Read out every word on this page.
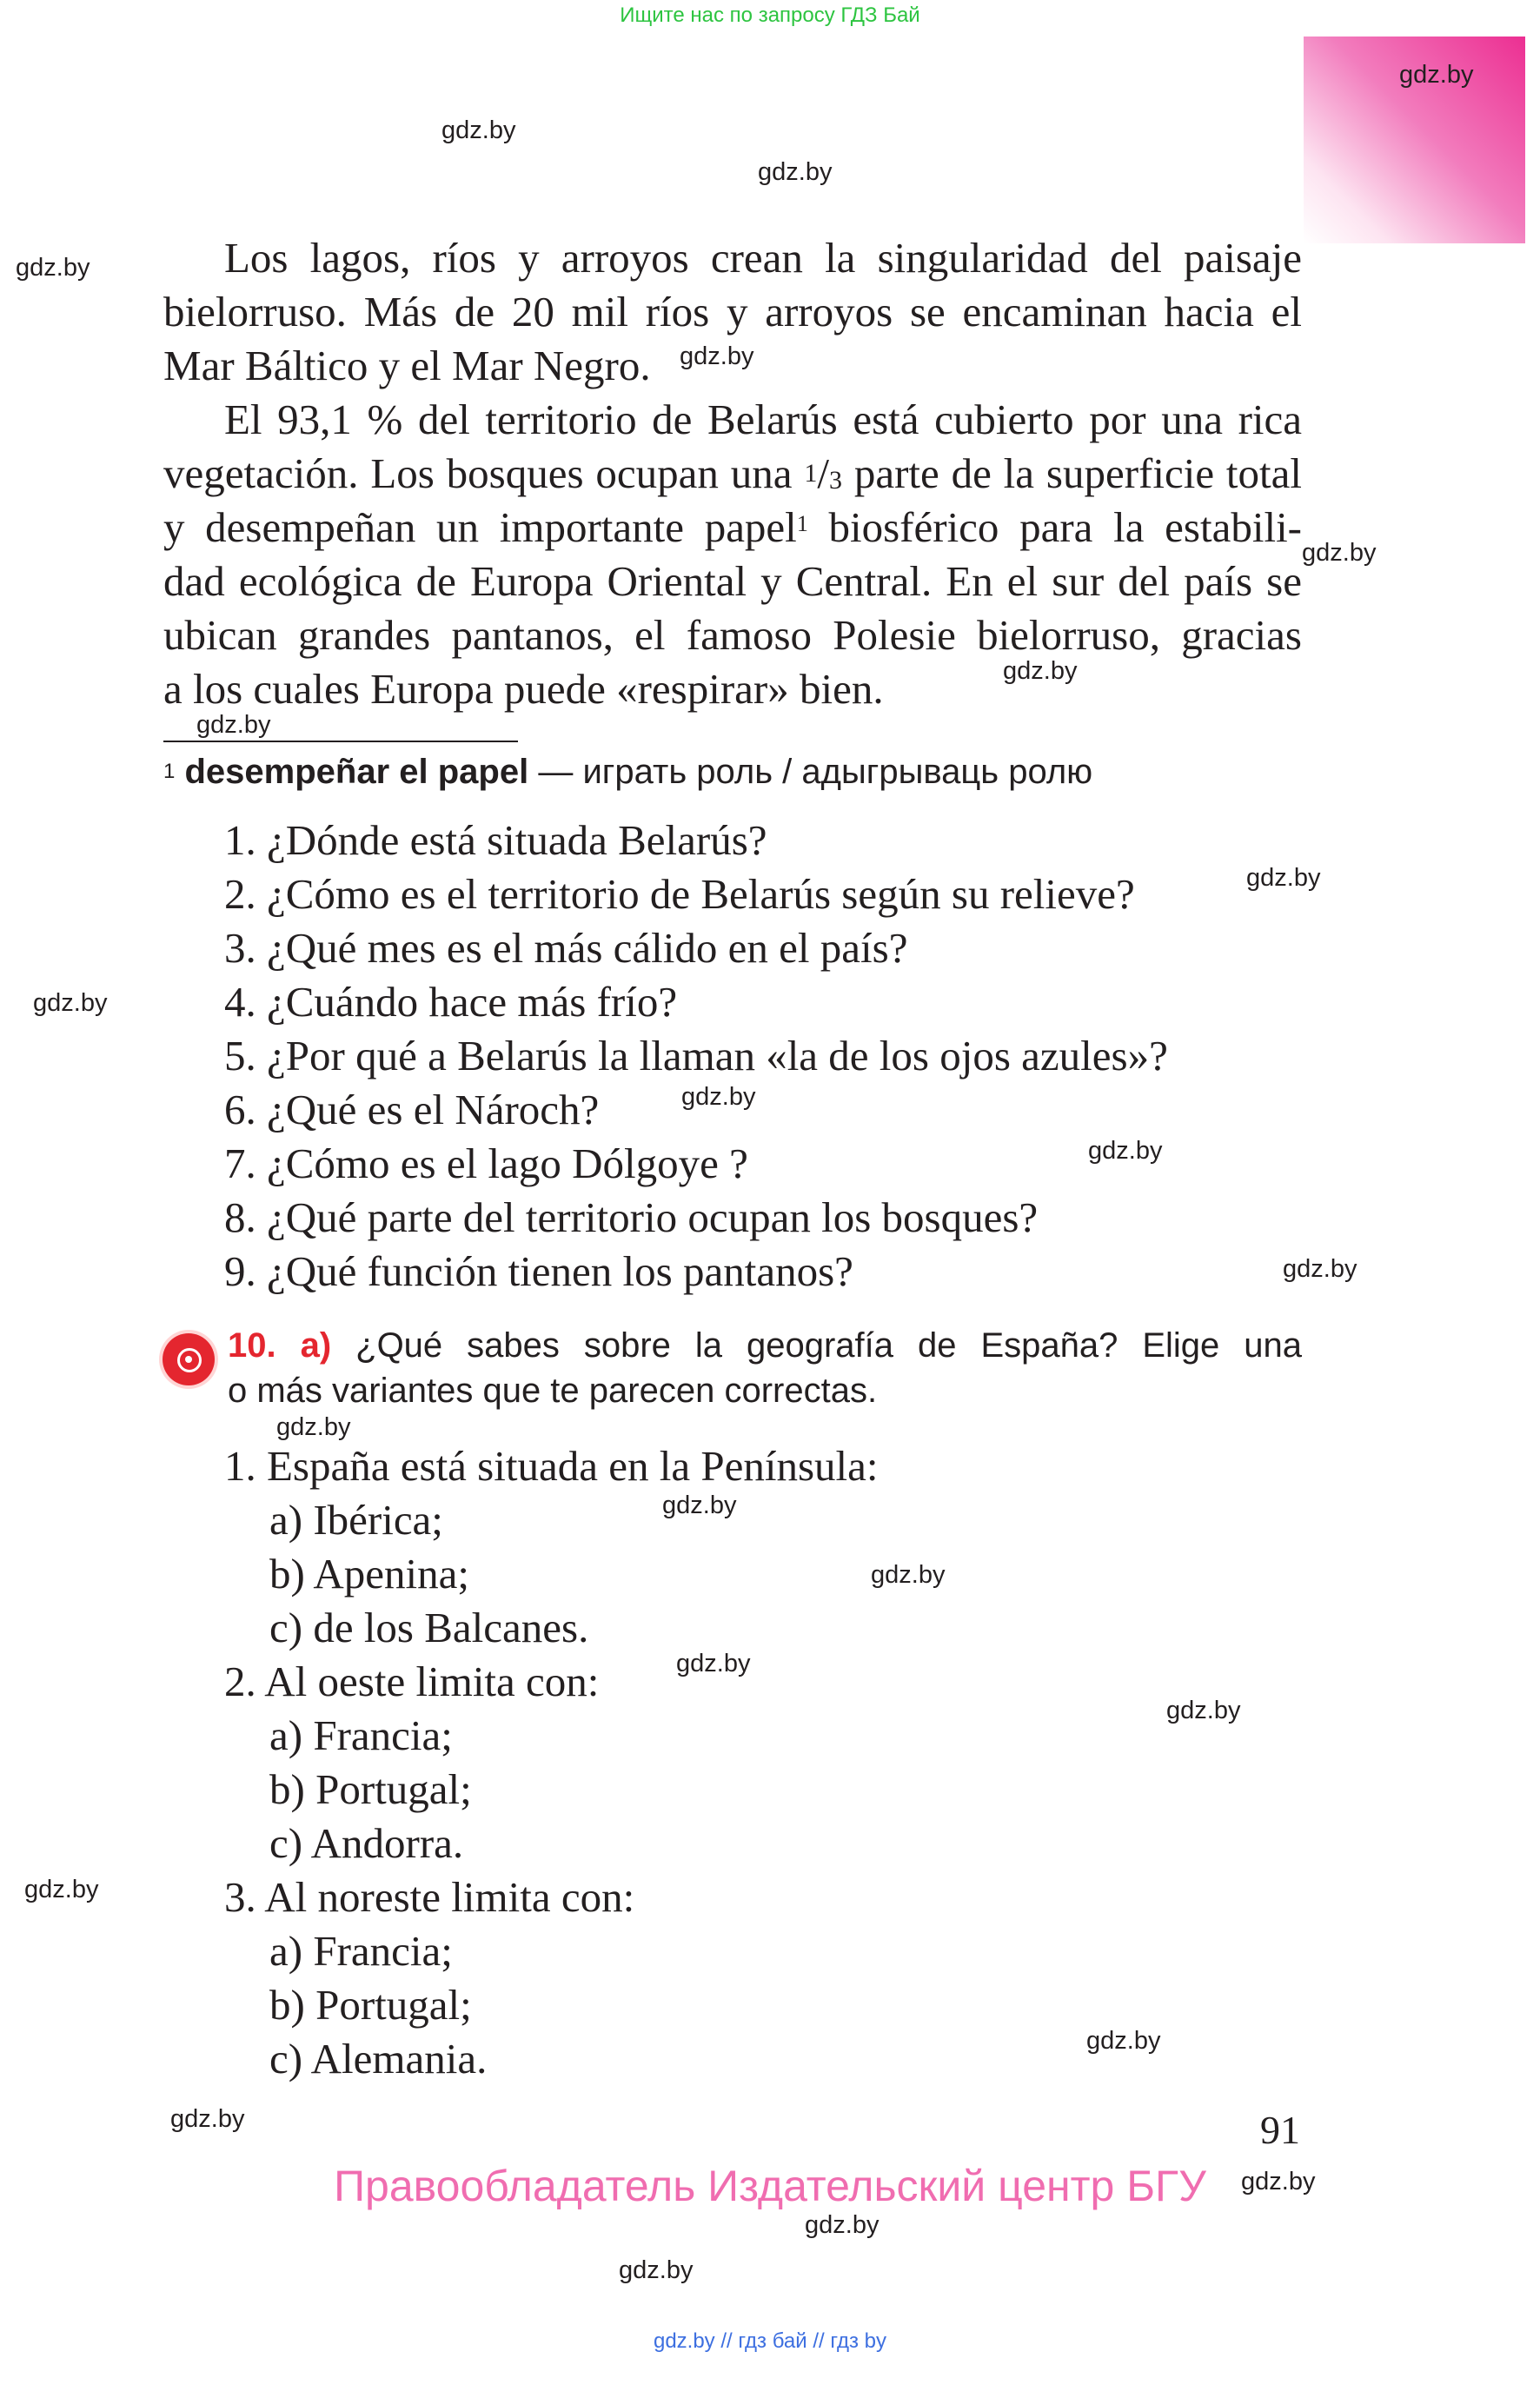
Ищите нас по запросу ГДЗ Бай
gdz.by
gdz.by
gdz.by
gdz.by
gdz.by
gdz.by
gdz.by
gdz.by
gdz.by
gdz.by
gdz.by
gdz.by
gdz.by
gdz.by
gdz.by
gdz.by
gdz.by
gdz.by
gdz.by
gdz.by
gdz.by
gdz.by
gdz.by
gdz.by
Los lagos, ríos y arroyos crean la singularidad del paisaje
bielorruso. Más de 20 mil ríos y arroyos se encaminan hacia el
Mar Báltico y el Mar Negro.
El 93,1 % del territorio de Belarús está cubierto por una rica
vegetación. Los bosques ocupan una $^1$/3 parte de la superficie total
y desempeñan un importante papel$^1$ biosférico para la estabili-
dad ecológica de Europa Oriental y Central. En el sur del país se
ubican grandes pantanos, el famoso Polesie bielorruso, gracias
a los cuales Europa puede «respirar» bien.
$^1$ desempeñar el papel — играть роль / адыгрываць ролю
1. ¿Dónde está situada Belarús?
2. ¿Cómo es el territorio de Belarús según su relieve?
3. ¿Qué mes es el más cálido en el país?
4. ¿Cuándo hace más frío?
5. ¿Por qué a Belarús la llaman «la de los ojos azules»?
6. ¿Qué es el Nároch?
7. ¿Cómo es el lago Dólgoye ?
8. ¿Qué parte del territorio ocupan los bosques?
9. ¿Qué función tienen los pantanos?
10. a) ¿Qué sabes sobre la geografía de España? Elige una
o más variantes que te parecen correctas.
1. España está situada en la Península:
a) Ibérica;
b) Apenina;
c) de los Balcanes.
2. Al oeste limita con:
a) Francia;
b) Portugal;
c) Andorra.
3. Al noreste limita con:
a) Francia;
b) Portugal;
c) Alemania.
91
Правообладатель Издательский центр БГУ
gdz.by // гдз бай // гдз by
